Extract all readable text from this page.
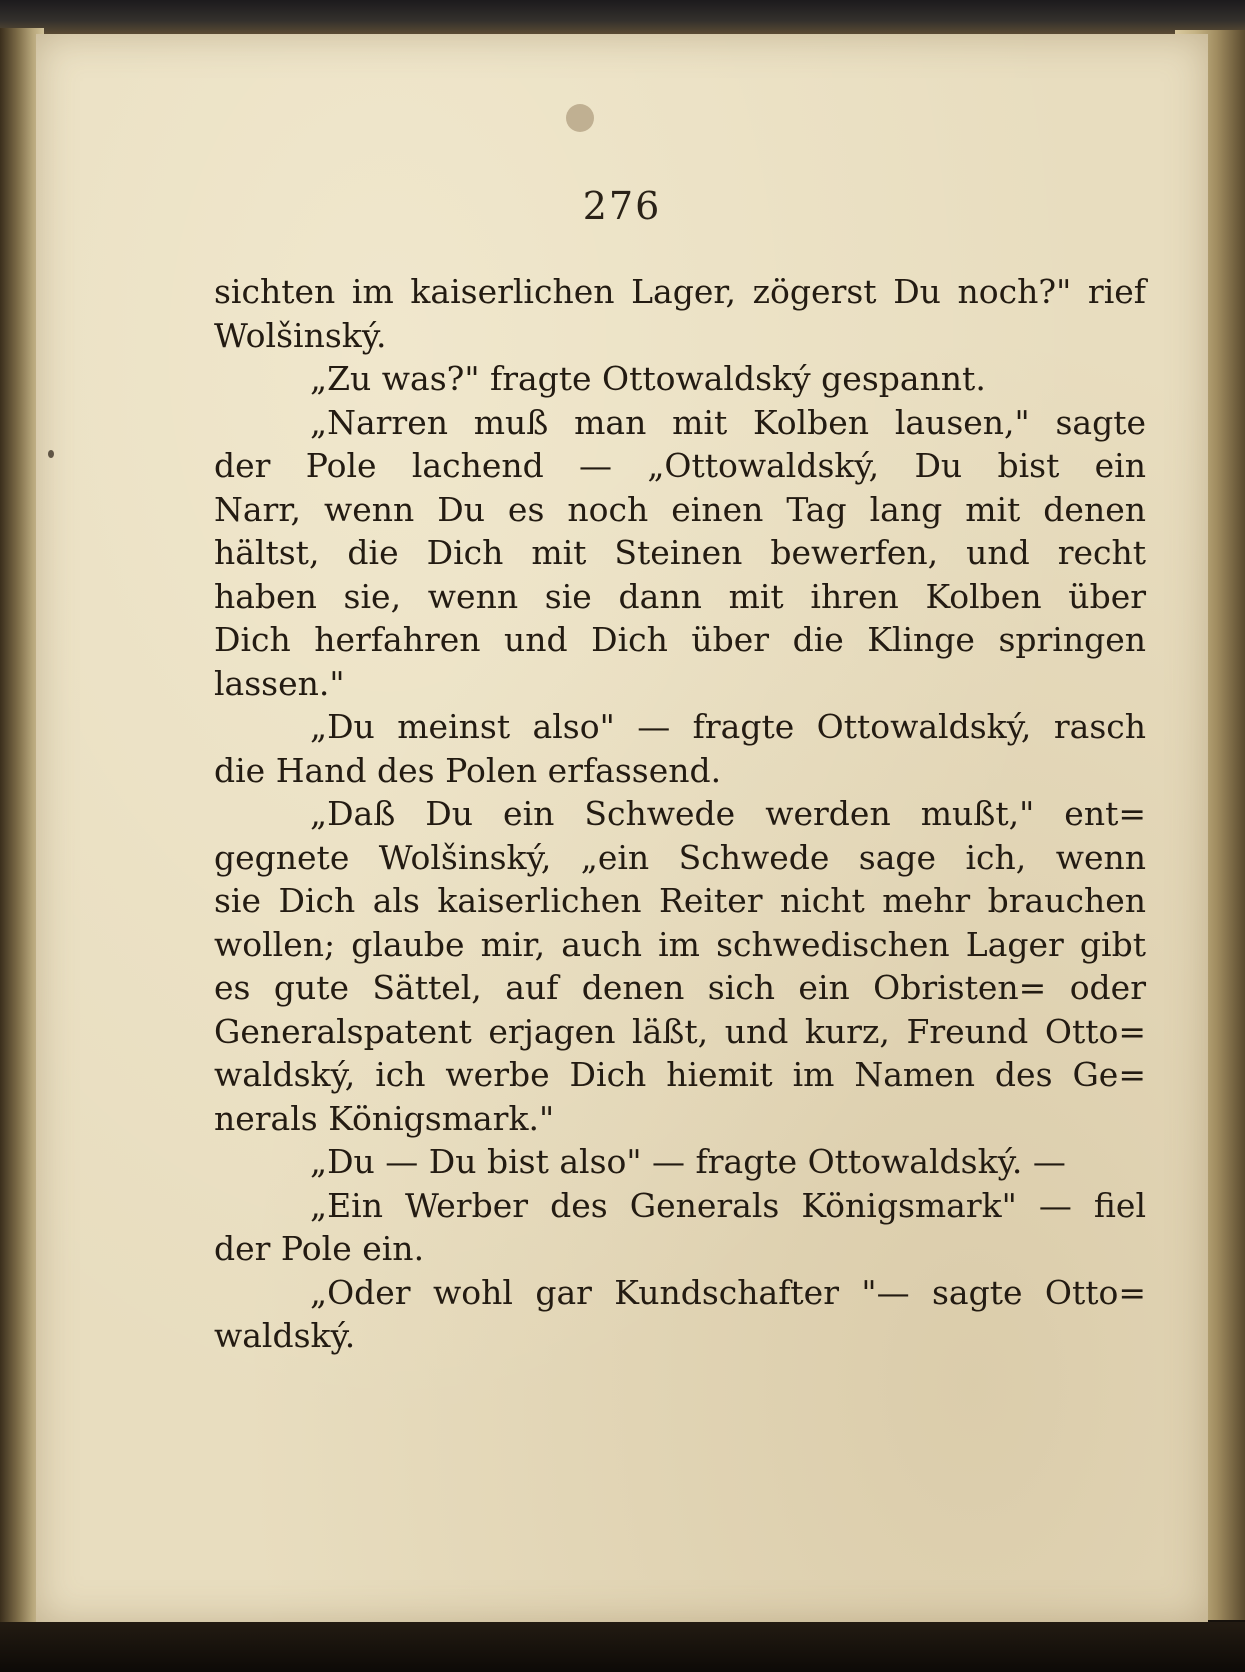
276
sichten im kaiserlichen Lager, zögerst Du noch?" rief
Wolšinský.
„Zu was?" fragte Ottowaldský gespannt.
„Narren muß man mit Kolben lausen," sagte
der Pole lachend — „Ottowaldský, Du bist ein
Narr, wenn Du es noch einen Tag lang mit denen
hältst, die Dich mit Steinen bewerfen, und recht
haben sie, wenn sie dann mit ihren Kolben über
Dich herfahren und Dich über die Klinge springen
lassen."
„Du meinst also" — fragte Ottowaldský, rasch
die Hand des Polen erfassend.
„Daß Du ein Schwede werden mußt," ent=
gegnete Wolšinský, „ein Schwede sage ich, wenn
sie Dich als kaiserlichen Reiter nicht mehr brauchen
wollen; glaube mir, auch im schwedischen Lager gibt
es gute Sättel, auf denen sich ein Obristen= oder
Generalspatent erjagen läßt, und kurz, Freund Otto=
waldský, ich werbe Dich hiemit im Namen des Ge=
nerals Königsmark."
„Du — Du bist also" — fragte Ottowaldský. —
„Ein Werber des Generals Königsmark" — fiel
der Pole ein.
„Oder wohl gar Kundschafter "— sagte Otto=
waldský.
